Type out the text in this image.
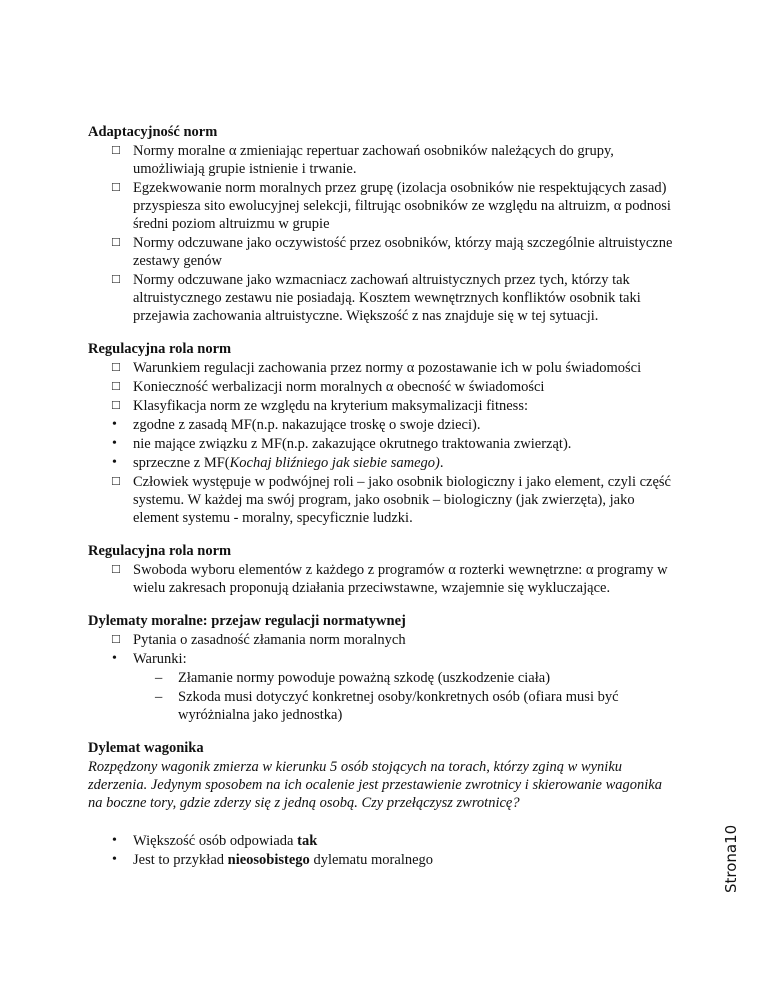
Adaptacyjność norm
☐ Normy moralne α zmieniając repertuar zachowań osobników należących do grupy, umożliwiają grupie istnienie i trwanie.
☐ Egzekwowanie norm moralnych przez grupę (izolacja osobników nie respektujących zasad) przyspiesza sito ewolucyjnej selekcji, filtrując osobników ze względu na altruizm, α podnosi średni poziom altruizmu w grupie
☐ Normy odczuwane jako oczywistość przez osobników, którzy mają szczególnie altruistyczne zestawy genów
☐ Normy odczuwane jako wzmacniacz zachowań altruistycznych przez tych, którzy tak altruistycznego zestawu nie posiadają. Kosztem wewnętrznych konfliktów osobnik taki przejawia zachowania altruistyczne. Większość z nas znajduje się w tej sytuacji.
Regulacyjna rola norm
☐ Warunkiem regulacji zachowania przez normy α pozostawanie ich w polu świadomości
☐ Konieczność werbalizacji norm moralnych α obecność w świadomości
☐ Klasyfikacja norm ze względu na kryterium maksymalizacji fitness:
• zgodne z zasadą MF(n.p. nakazujące troskę o swoje dzieci).
• nie mające związku z MF(n.p. zakazujące okrutnego traktowania zwierząt).
• sprzeczne z MF(Kochaj bliźniego jak siebie samego).
☐ Człowiek występuje w podwójnej roli – jako osobnik biologiczny i jako element, czyli część systemu. W każdej ma swój program, jako osobnik – biologiczny (jak zwierzęta), jako element systemu - moralny, specyficznie ludzki.
Regulacyjna rola norm
☐ Swoboda wyboru elementów z każdego z programów α rozterki wewnętrzne: α programy w wielu zakresach proponują działania przeciwstawne, wzajemnie się wykluczające.
Dylematy moralne: przejaw regulacji normatywnej
☐ Pytania o zasadność złamania norm moralnych
• Warunki:
– Złamanie normy powoduje poważną szkodę (uszkodzenie ciała)
– Szkoda musi dotyczyć konkretnej osoby/konkretnych osób (ofiara musi być wyróżnialna jako jednostka)
Dylemat wagonika
Rozpędzony wagonik zmierza w kierunku 5 osób stojących na torach, którzy zginą w wyniku zderzenia. Jedynym sposobem na ich ocalenie jest przestawienie zwrotnicy i skierowanie wagonika na boczne tory, gdzie zderzy się z jedną osobą. Czy przełączysz zwrotnicę?
• Większość osób odpowiada tak
• Jest to przykład nieosobistego dylematu moralnego	Strona10
